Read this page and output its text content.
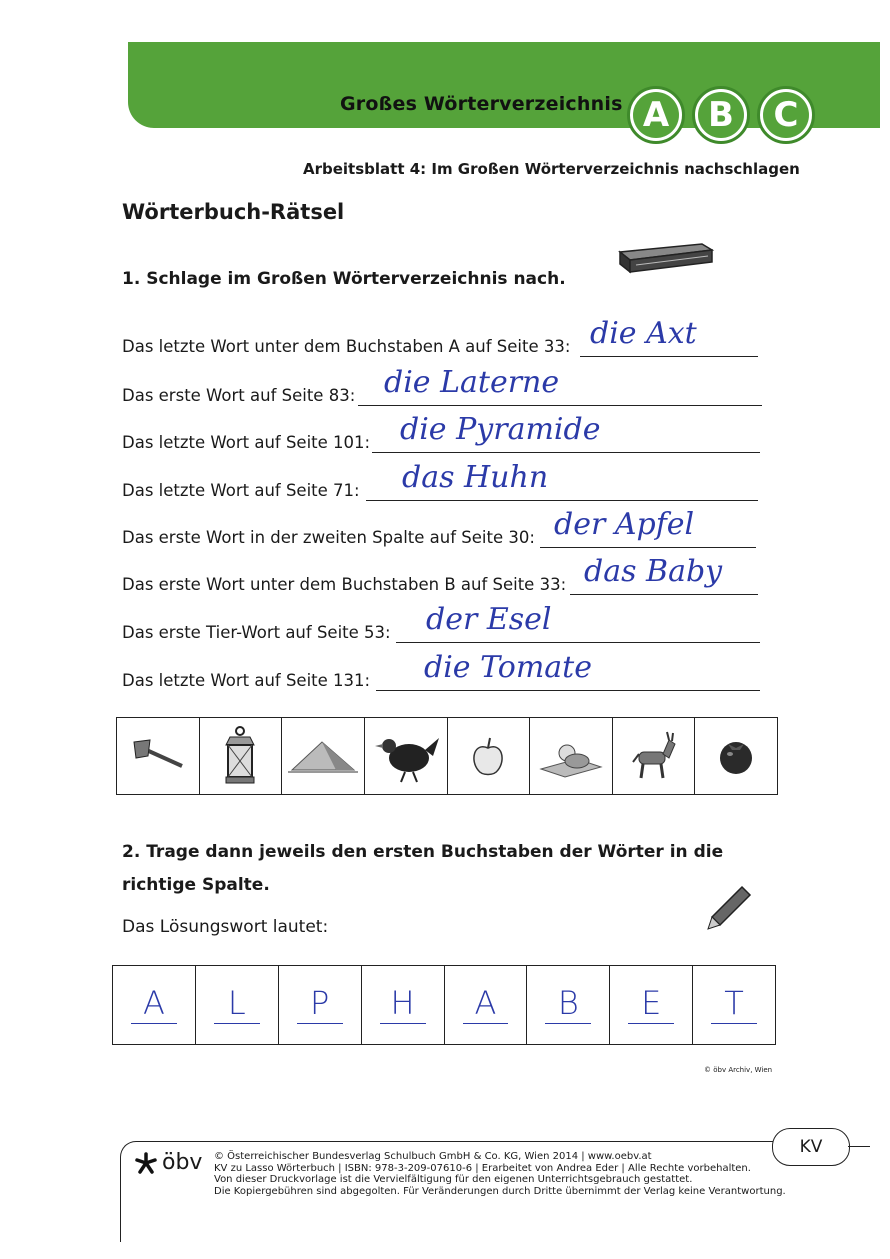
Großes Wörterverzeichnis A B	C
Arbeitsblatt 4: Im Großen Wörterverzeichnis nachschlagen
Wörterbuch-Rätsel
1. Schlage im Großen Wörterverzeichnis nach.
Das letzte Wort unter dem Buchstaben A auf Seite 33: die Axt
Das erste Wort auf Seite 83: die Laterne
Das letzte Wort auf Seite 101: die Pyramide
Das letzte Wort auf Seite 71: das Huhn
Das erste Wort in der zweiten Spalte auf Seite 30: der Apfel
Das erste Wort unter dem Buchstaben B auf Seite 33: das Baby
Das erste Tier-Wort auf Seite 53: der Esel
Das letzte Wort auf Seite 131: die Tomate
2. Trage dann jeweils den ersten Buchstaben der Wörter in die richtige Spalte.
Das Lösungswort lautet:
A	L	P	H	A	B	E	T
© öbv Archiv, Wien
KV
öbv © Österreichischer Bundesverlag Schulbuch GmbH & Co. KG, Wien 2014 | www.oebv.at
KV zu Lasso Wörterbuch | ISBN: 978-3-209-07610-6 | Erarbeitet von Andrea Eder | Alle Rechte vorbehalten.
Von dieser Druckvorlage ist die Vervielfältigung für den eigenen Unterrichtsgebrauch gestattet.
Die Kopiergebühren sind abgegolten. Für Veränderungen durch Dritte übernimmt der Verlag keine Verantwortung.
